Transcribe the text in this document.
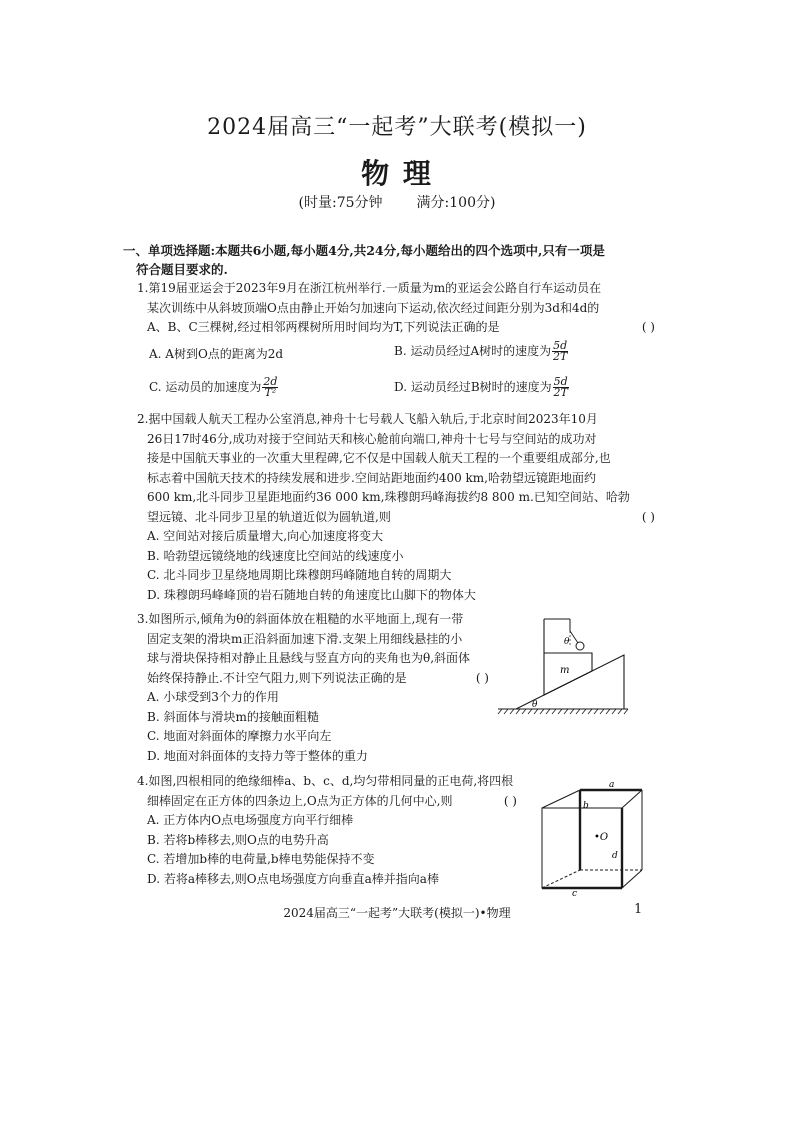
2024届高三“一起考”大联考(模拟一)
物 理
(时量:75分钟 满分:100分)
一、单项选择题:本题共6小题,每小题4分,共24分,每小题给出的四个选项中,只有一项是
符合题目要求的.
1.第19届亚运会于2023年9月在浙江杭州举行.一质量为m的亚运会公路自行车运动员在
某次训练中从斜坡顶端O点由静止开始匀加速向下运动,依次经过间距分别为3d和4d的
A、B、C三棵树,经过相邻两棵树所用时间均为T,下列说法正确的是	( )
A. A树到O点的距离为2d	B. 运动员经过A树时的速度为 $\frac{5d}{2T}$
C. 运动员的加速度为 $\frac{2d}{\text{T²}}$	D. 运动员经过B树时的速度为 $\frac{5d}{2T}$
2.据中国载人航天工程办公室消息,神舟十七号载人飞船入轨后,于北京时间2023年10月
26日17时46分,成功对接于空间站天和核心舱前向端口,神舟十七号与空间站的成功对
接是中国航天事业的一次重大里程碑,它不仅是中国载人航天工程的一个重要组成部分,也
标志着中国航天技术的持续发展和进步.空间站距地面约400 km,哈勃望远镜距地面约
600 km,北斗同步卫星距地面约36 000 km,珠穆朗玛峰海拔约8 800 m.已知空间站、哈勃
望远镜、北斗同步卫星的轨道近似为圆轨道,则	( )
A. 空间站对接后质量增大,向心加速度将变大
B. 哈勃望远镜绕地的线速度比空间站的线速度小
C. 北斗同步卫星绕地周期比珠穆朗玛峰随地自转的周期大
D. 珠穆朗玛峰峰顶的岩石随地自转的角速度比山脚下的物体大
3.如图所示,倾角为θ的斜面体放在粗糙的水平地面上,现有一带
固定支架的滑块m正沿斜面加速下滑.支架上用细线悬挂的小
球与滑块保持相对静止且悬线与竖直方向的夹角也为θ,斜面体
始终保持静止.不计空气阻力,则下列说法正确的是	( )
A. 小球受到3个力的作用
B. 斜面体与滑块m的接触面粗糙
C. 地面对斜面体的摩擦力水平向左
D. 地面对斜面体的支持力等于整体的重力
θ
m
θ
4.如图,四根相同的绝缘细棒a、b、c、d,均匀带相同量的正电荷,将四根
细棒固定在正方体的四条边上,O点为正方体的几何中心,则	( )
A. 正方体内O点电场强度方向平行细棒
B. 若将b棒移去,则O点的电势升高
C. 若增加b棒的电荷量,b棒电势能保持不变
D. 若将a棒移去,则O点电场强度方向垂直a棒并指向a棒
a
b
c
d
•O
2024届高三“一起考”大联考(模拟一)•物理	1
